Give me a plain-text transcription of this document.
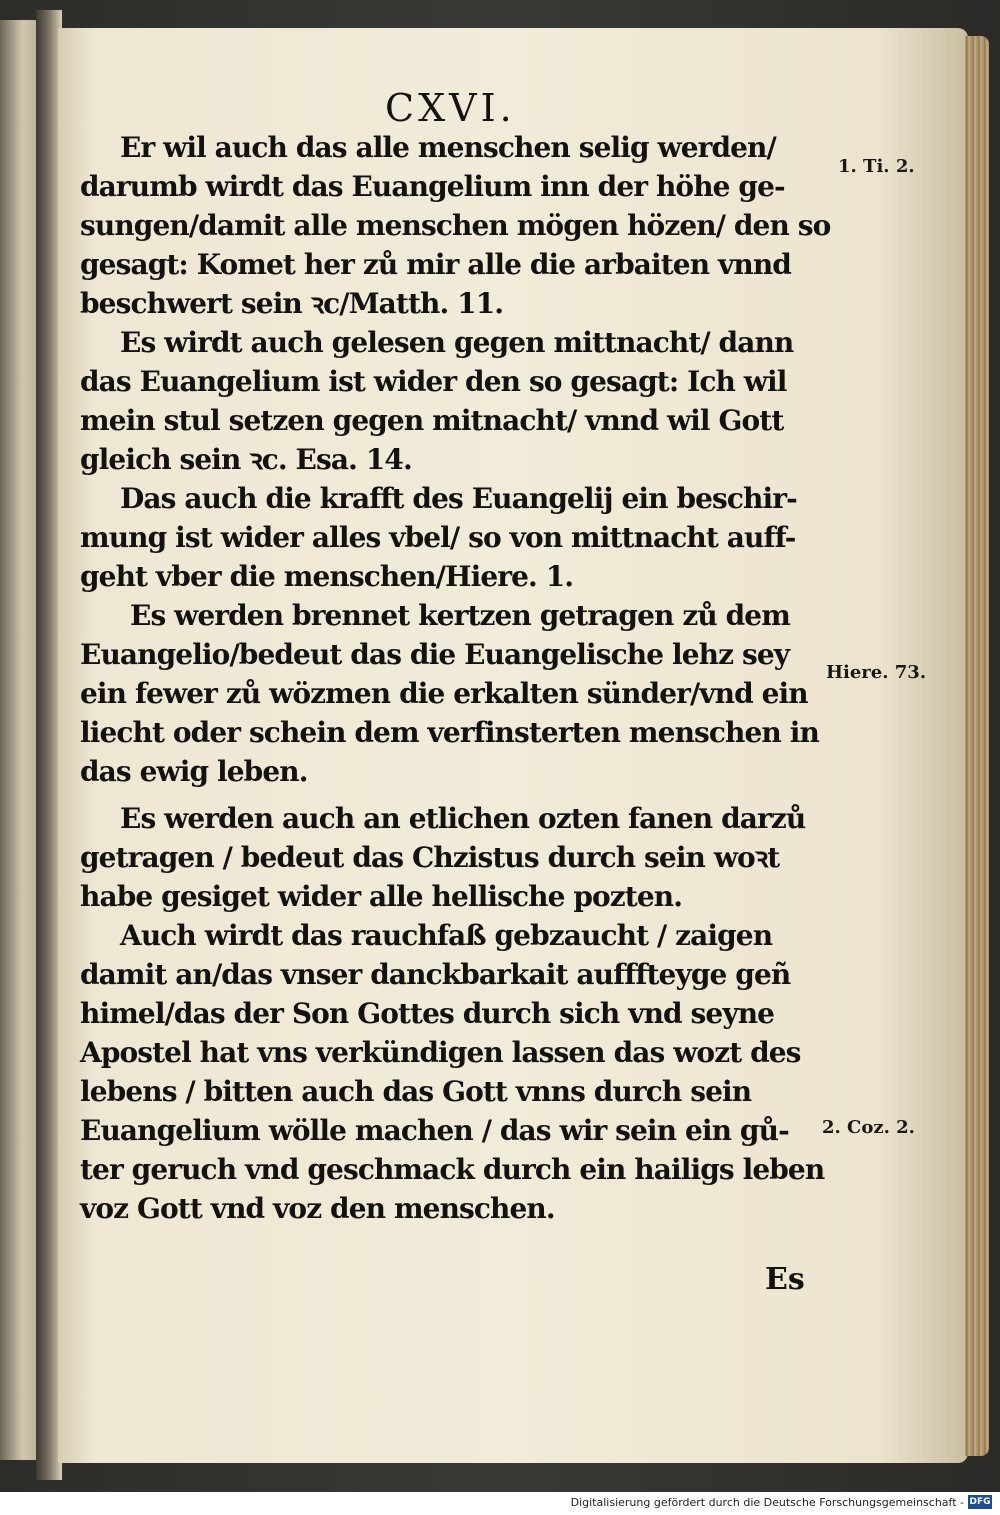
CXVI.
Er wil auch das alle menschen selig werden/
darumb wirdt das Euangelium inn der höhe ge-
sungen/damit alle menschen mögen hözen/ den so
gesagt: Komet her zů mir alle die arbaiten vnnd
beschwert sein ꝛc/Matth. 11.
Es wirdt auch gelesen gegen mittnacht/ dann
das Euangelium ist wider den so gesagt: Ich wil
mein stul setzen gegen mitnacht/ vnnd wil Gott
gleich sein ꝛc. Esa. 14.
Das auch die krafft des Euangelij ein beschir-
mung ist wider alles vbel/ so von mittnacht auff-
geht vber die menschen/Hiere. 1.
Es werden brennet kertzen getragen zů dem
Euangelio/bedeut das die Euangelische lehz sey
ein fewer zů wözmen die erkalten sünder/vnd ein
liecht oder schein dem verfinsterten menschen in
das ewig leben.
Es werden auch an etlichen ozten fanen darzů
getragen / bedeut das Chzistus durch sein woꝛt
habe gesiget wider alle hellische pozten.
Auch wirdt das rauchfaß gebzaucht / zaigen
damit an/das vnser danckbarkait aufffteyge geñ
himel/das der Son Gottes durch sich vnd seyne
Apostel hat vns verkündigen lassen das wozt des
lebens / bitten auch das Gott vnns durch sein
Euangelium wölle machen / das wir sein ein gů-
ter geruch vnd geschmack durch ein hailigs leben
voz Gott vnd voz den menschen.
1. Ti. 2.
Hiere. 73.
2. Coz. 2.
Es
Digitalisierung gefördert durch die Deutsche Forschungsgemeinschaft - DFG
